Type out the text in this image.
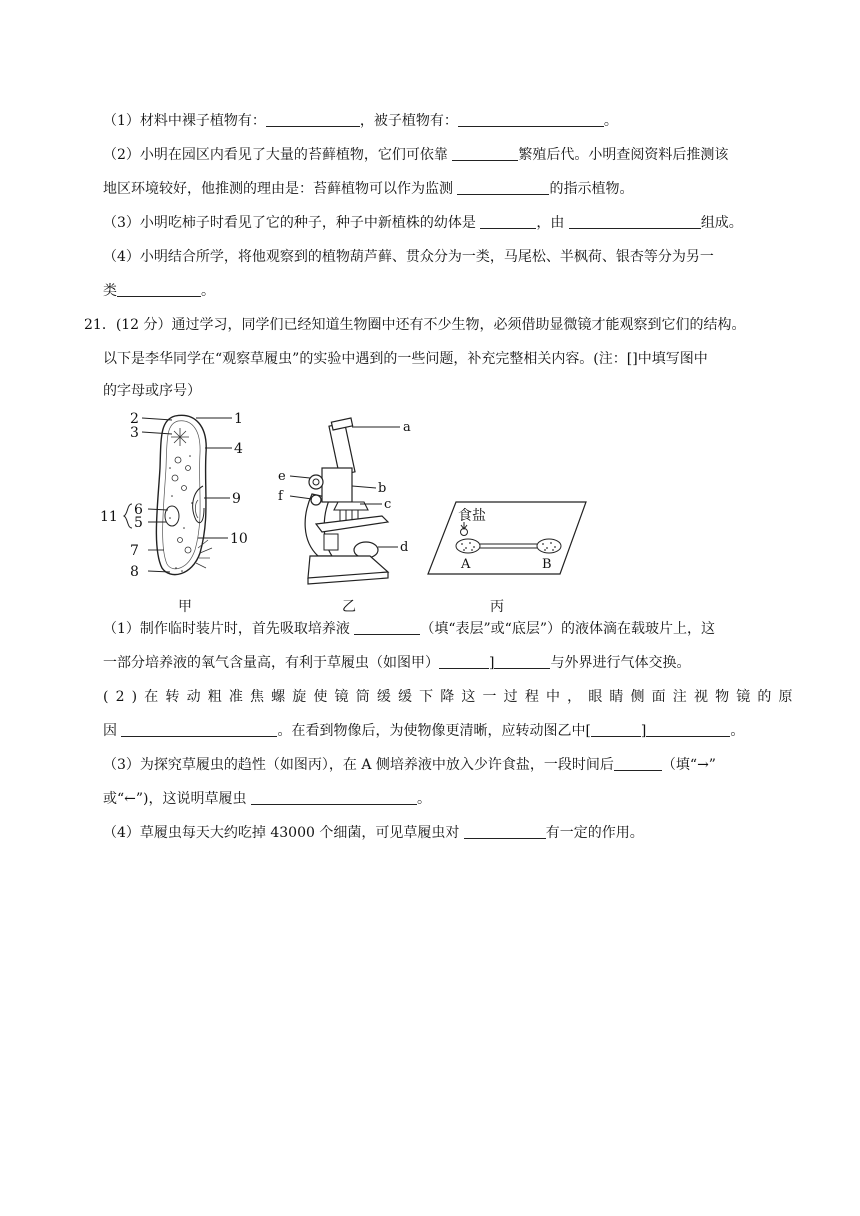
（1）材料中裸子植物有：	，被子植物有：	。
（2）小明在园区内看见了大量的苔藓植物，它们可依靠	繁殖后代。小明查阅资料后推测该
地区环境较好，他推测的理由是：苔藓植物可以作为监测	的指示植物。
（3）小明吃柿子时看见了它的种子，种子中新植株的幼体是	，由	组成。
（4）小明结合所学，将他观察到的植物葫芦藓、贯众分为一类，马尾松、半枫荷、银杏等分为另一
类	。
21．(12 分）通过学习，同学们已经知道生物圈中还有不少生物，必须借助显微镜才能观察到它们的结构。
以下是李华同学在“观察草履虫”的实验中遇到的一些问题，补充完整相关内容。(注：[]中填写图中
的字母或序号）
2	1
3
4
9
6
11 5
10
7
8
a
b
c
d
e
f
食盐
A	B
甲	乙	丙
（1）制作临时装片时，首先吸取培养液	（填“表层”或“底层”）的液体滴在载玻片上，这
一部分培养液的氧气含量高，有利于草履虫（如图甲）	]	与外界进行气体交换。
( 2 ) 在 转 动 粗 准 焦 螺 旋 使 镜 筒 缓 缓 下 降 这 一 过 程 中 ， 眼 睛 侧 面 注 视 物 镜 的 原
因	。在看到物像后，为使物像更清晰，应转动图乙中[	]	。
（3）为探究草履虫的趋性（如图丙），在 A 侧培养液中放入少许食盐，一段时间后	（填“→”
或“←”)，这说明草履虫	。
（4）草履虫每天大约吃掉 43000 个细菌，可见草履虫对	有一定的作用。
